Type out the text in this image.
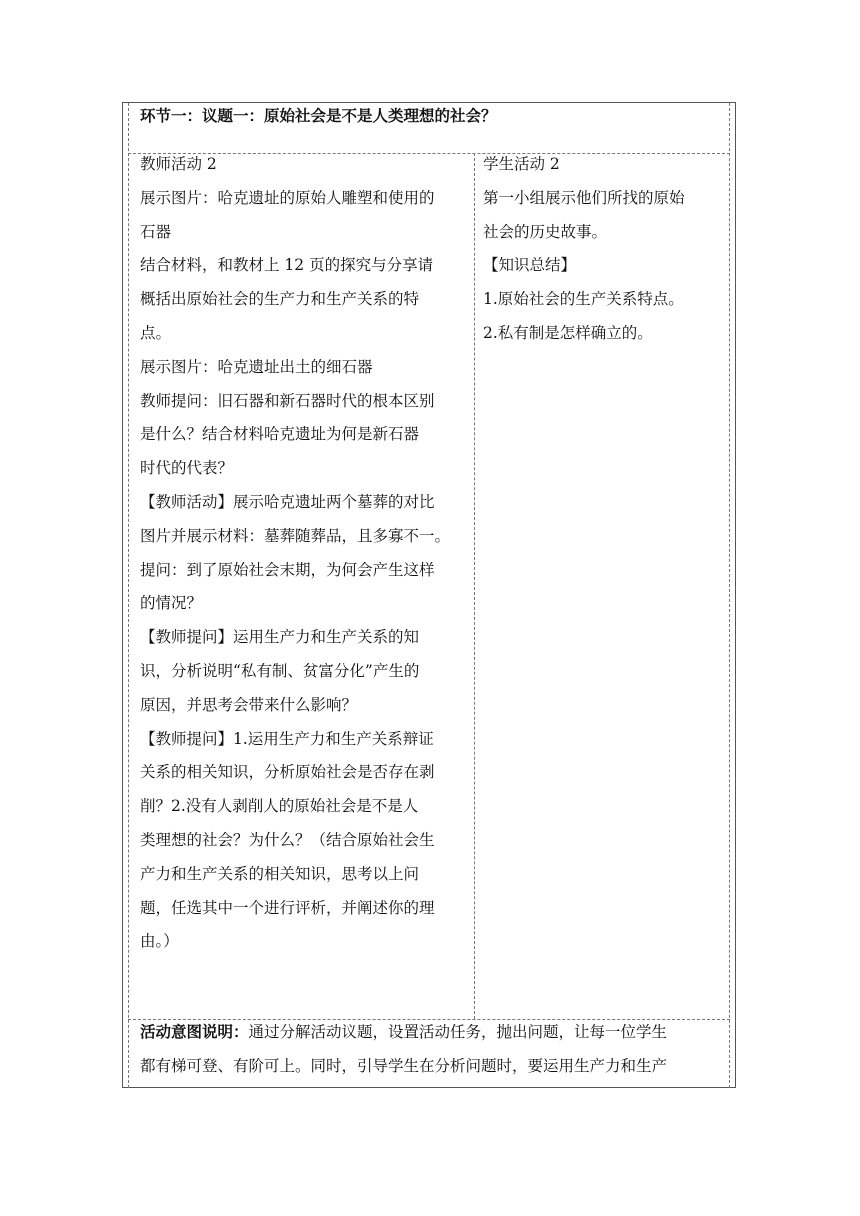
环节一：议题一：原始社会是不是人类理想的社会？
教师活动 2
展示图片：哈克遗址的原始人雕塑和使用的
石器
结合材料，和教材上 12 页的探究与分享请
概括出原始社会的生产力和生产关系的特
点。
展示图片：哈克遗址出土的细石器
教师提问：旧石器和新石器时代的根本区别
是什么？结合材料哈克遗址为何是新石器
时代的代表？
【教师活动】展示哈克遗址两个墓葬的对比
图片并展示材料：墓葬随葬品，且多寡不一。
提问：到了原始社会末期，为何会产生这样
的情况？
【教师提问】运用生产力和生产关系的知
识，分析说明“私有制、贫富分化”产生的
原因，并思考会带来什么影响？
【教师提问】1.运用生产力和生产关系辩证
关系的相关知识，分析原始社会是否存在剥
削？2.没有人剥削人的原始社会是不是人
类理想的社会？为什么？（结合原始社会生
产力和生产关系的相关知识，思考以上问
题，任选其中一个进行评析，并阐述你的理
由。）
学生活动 2
第一小组展示他们所找的原始
社会的历史故事。
【知识总结】
1.原始社会的生产关系特点。
2.私有制是怎样确立的。
活动意图说明：通过分解活动议题，设置活动任务，抛出问题，让每一位学生
都有梯可登、有阶可上。同时，引导学生在分析问题时，要运用生产力和生产
